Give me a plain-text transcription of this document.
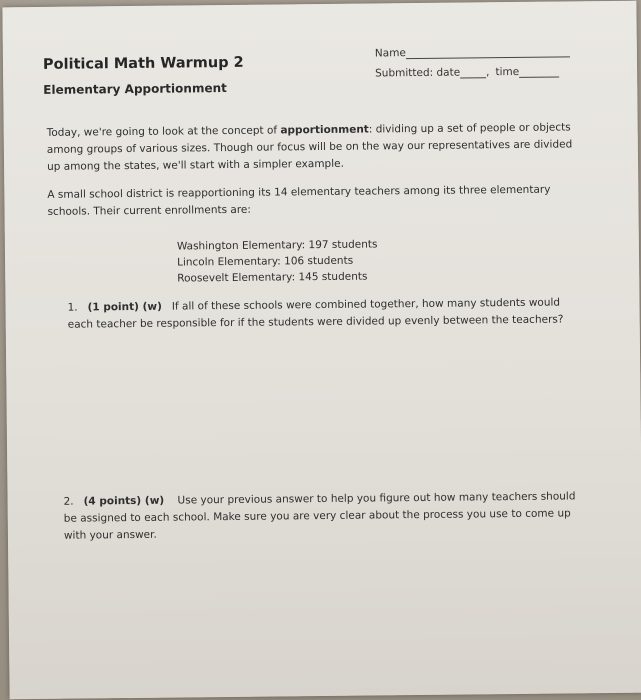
Political Math Warmup 2

Elementary Apportionment

Name
Submitted: date , time
Today, we're going to look at the concept of apportionment: dividing up a set of people or objects among groups of various sizes. Though our focus will be on the way our representatives are divided up among the states, we'll start with a simpler example.
A small school district is reapportioning its 14 elementary teachers among its three elementary schools. Their current enrollments are:
Washington Elementary: 197 students
Lincoln Elementary: 106 students
Roosevelt Elementary: 145 students
1. (1 point) (w) If all of these schools were combined together, how many students would each teacher be responsible for if the students were divided up evenly between the teachers?
2. (4 points) (w) Use your previous answer to help you figure out how many teachers should be assigned to each school. Make sure you are very clear about the process you use to come up with your answer.
